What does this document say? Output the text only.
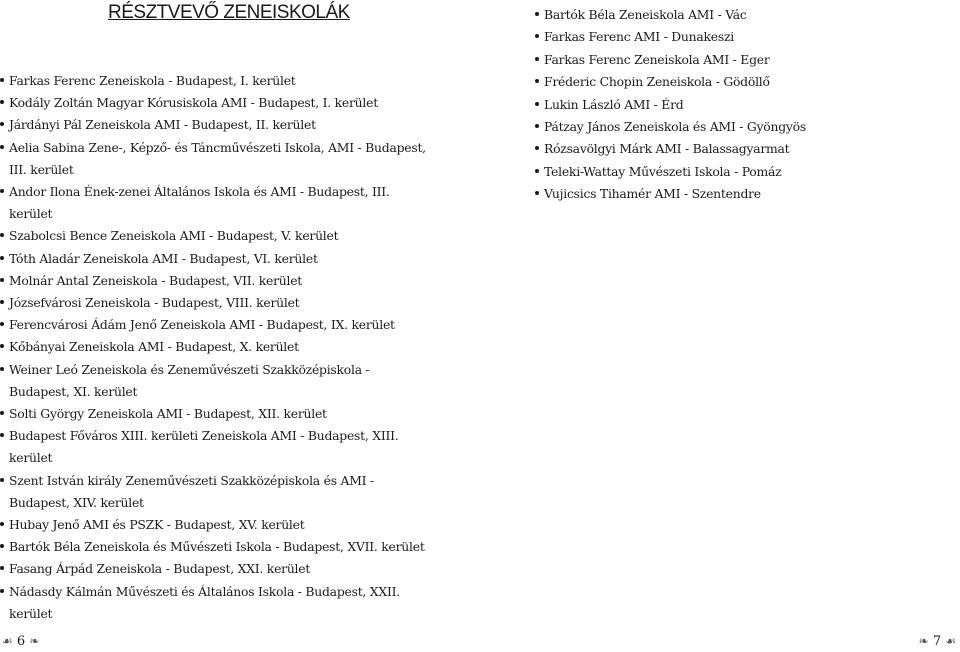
RÉSZTVEVŐ ZENEISKOLÁK
Farkas Ferenc Zeneiskola - Budapest, I. kerület
Kodály Zoltán Magyar Kórusiskola AMI - Budapest, I. kerület
Járdányi Pál Zeneiskola AMI - Budapest, II. kerület
Aelia Sabina Zene-, Képző- és Táncművészeti Iskola, AMI - Budapest, III. kerület
Andor Ilona Ének-zenei Általános Iskola és AMI - Budapest, III. kerület
Szabolcsi Bence Zeneiskola AMI - Budapest, V. kerület
Tóth Aladár Zeneiskola AMI - Budapest, VI. kerület
Molnár Antal Zeneiskola - Budapest, VII. kerület
Józsefvárosi Zeneiskola - Budapest, VIII. kerület
Ferencvárosi Ádám Jenő Zeneiskola AMI - Budapest, IX. kerület
Kőbányai Zeneiskola AMI - Budapest, X. kerület
Weiner Leó Zeneiskola és Zeneművészeti Szakközépiskola - Budapest, XI. kerület
Solti György Zeneiskola AMI - Budapest, XII. kerület
Budapest Főváros XIII. kerületi Zeneiskola AMI - Budapest, XIII. kerület
Szent István király Zeneművészeti Szakközépiskola és AMI - Budapest, XIV. kerület
Hubay Jenő AMI és PSZK - Budapest, XV. kerület
Bartók Béla Zeneiskola és Művészeti Iskola - Budapest, XVII. kerület
Fasang Árpád Zeneiskola - Budapest, XXI. kerület
Nádasdy Kálmán Művészeti és Általános Iskola - Budapest, XXII. kerület
Bartók Béla Zeneiskola AMI - Vác
Farkas Ferenc AMI - Dunakeszi
Farkas Ferenc Zeneiskola AMI - Eger
Fréderic Chopin Zeneiskola - Gödöllő
Lukin László AMI - Érd
Pátzay János Zeneiskola és AMI - Gyöngyös
Rózsavölgyi Márk AMI - Balassagyarmat
Teleki-Wattay Művészeti Iskola - Pomáz
Vujicsics Tihamér AMI - Szentendre
☙ 6 ❧	❧ 7 ☙
